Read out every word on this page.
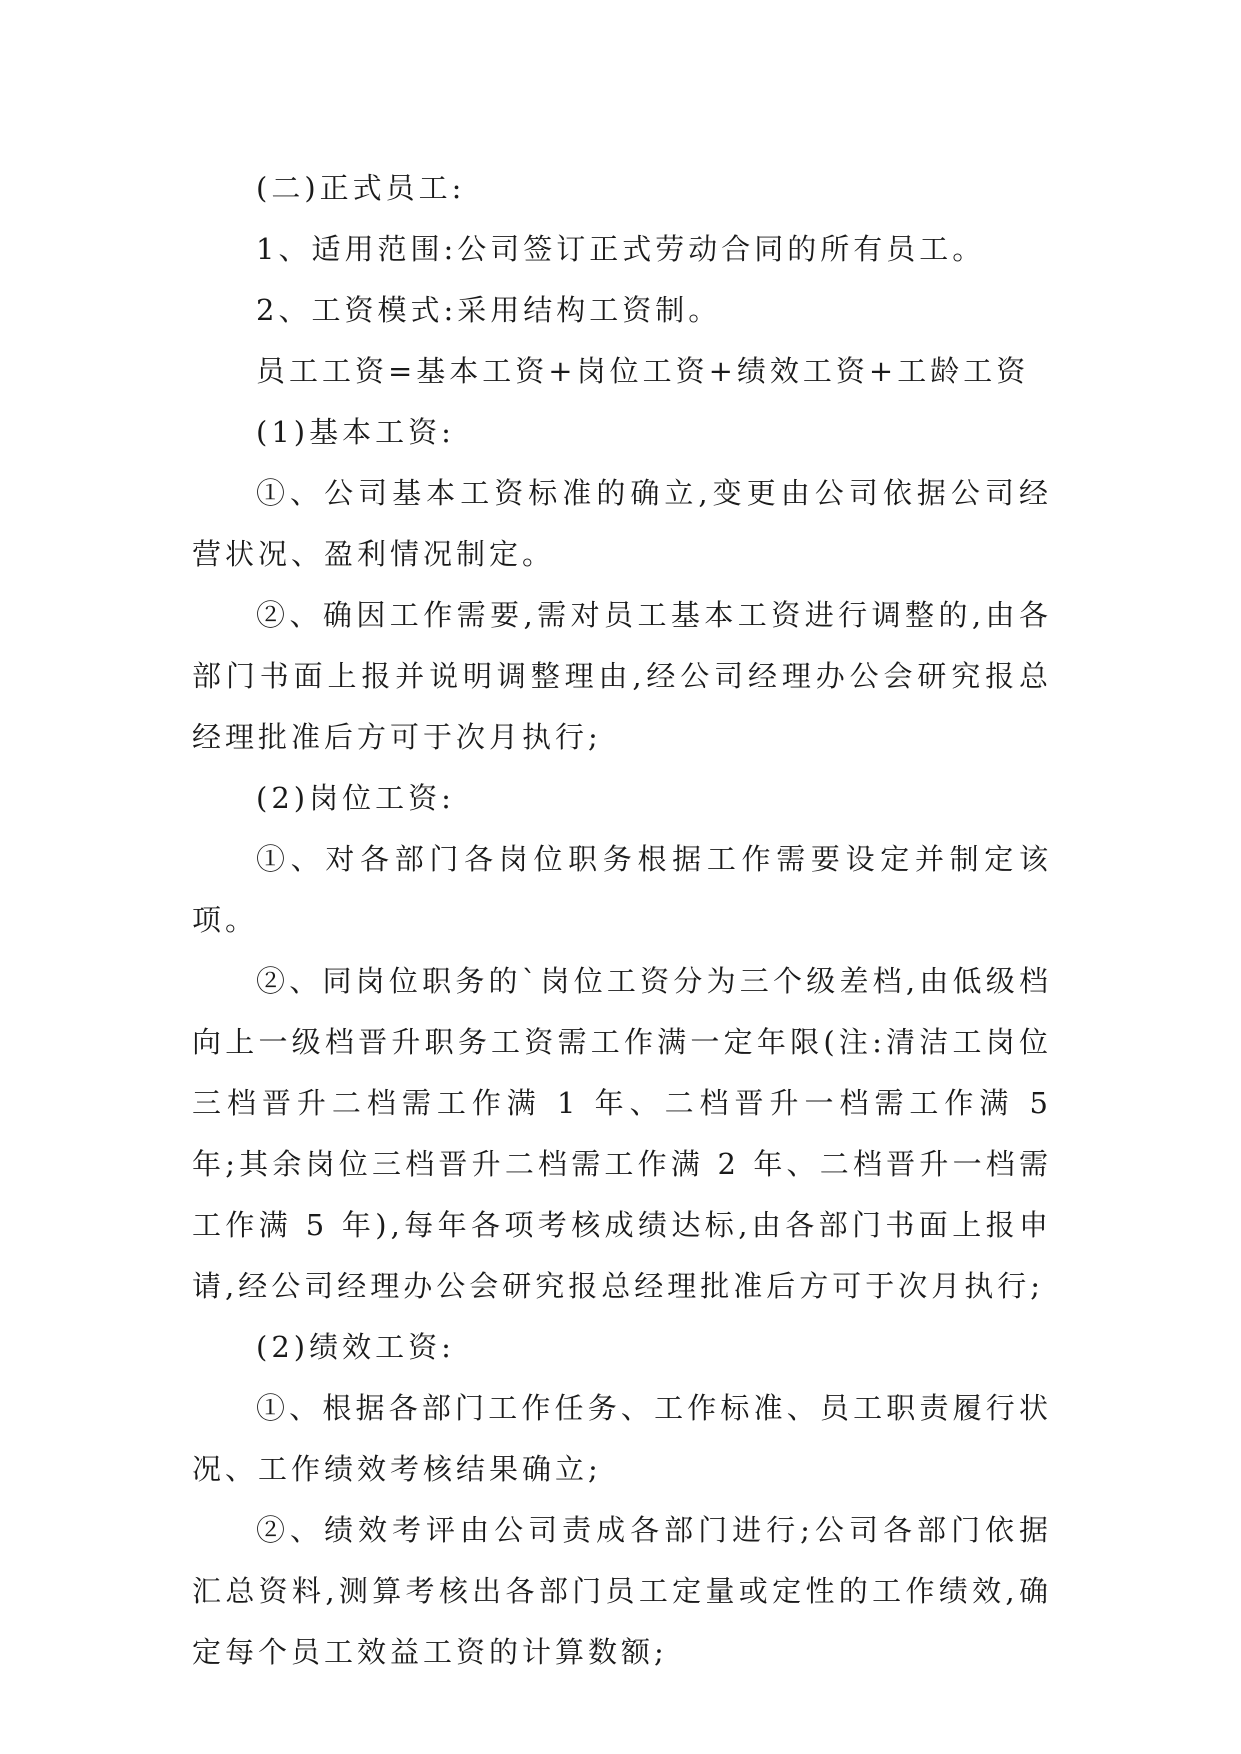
(二)正式员工:

1、适用范围:公司签订正式劳动合同的所有员工。

2、工资模式:采用结构工资制。

员工工资=基本工资+岗位工资+绩效工资+工龄工资

(1)基本工资:

①、公司基本工资标准的确立,变更由公司依据公司经营状况、盈利情况制定。

②、确因工作需要,需对员工基本工资进行调整的,由各部门书面上报并说明调整理由,经公司经理办公会研究报总经理批准后方可于次月执行;

(2)岗位工资:

①、对各部门各岗位职务根据工作需要设定并制定该项。

②、同岗位职务的`岗位工资分为三个级差档,由低级档向上一级档晋升职务工资需工作满一定年限(注:清洁工岗位三档晋升二档需工作满 1 年、二档晋升一档需工作满 5 年;其余岗位三档晋升二档需工作满 2 年、二档晋升一档需工作满 5 年),每年各项考核成绩达标,由各部门书面上报申请,经公司经理办公会研究报总经理批准后方可于次月执行;

(2)绩效工资:

①、根据各部门工作任务、工作标准、员工职责履行状况、工作绩效考核结果确立;

②、绩效考评由公司责成各部门进行;公司各部门依据汇总资料,测算考核出各部门员工定量或定性的工作绩效,确定每个员工效益工资的计算数额;
